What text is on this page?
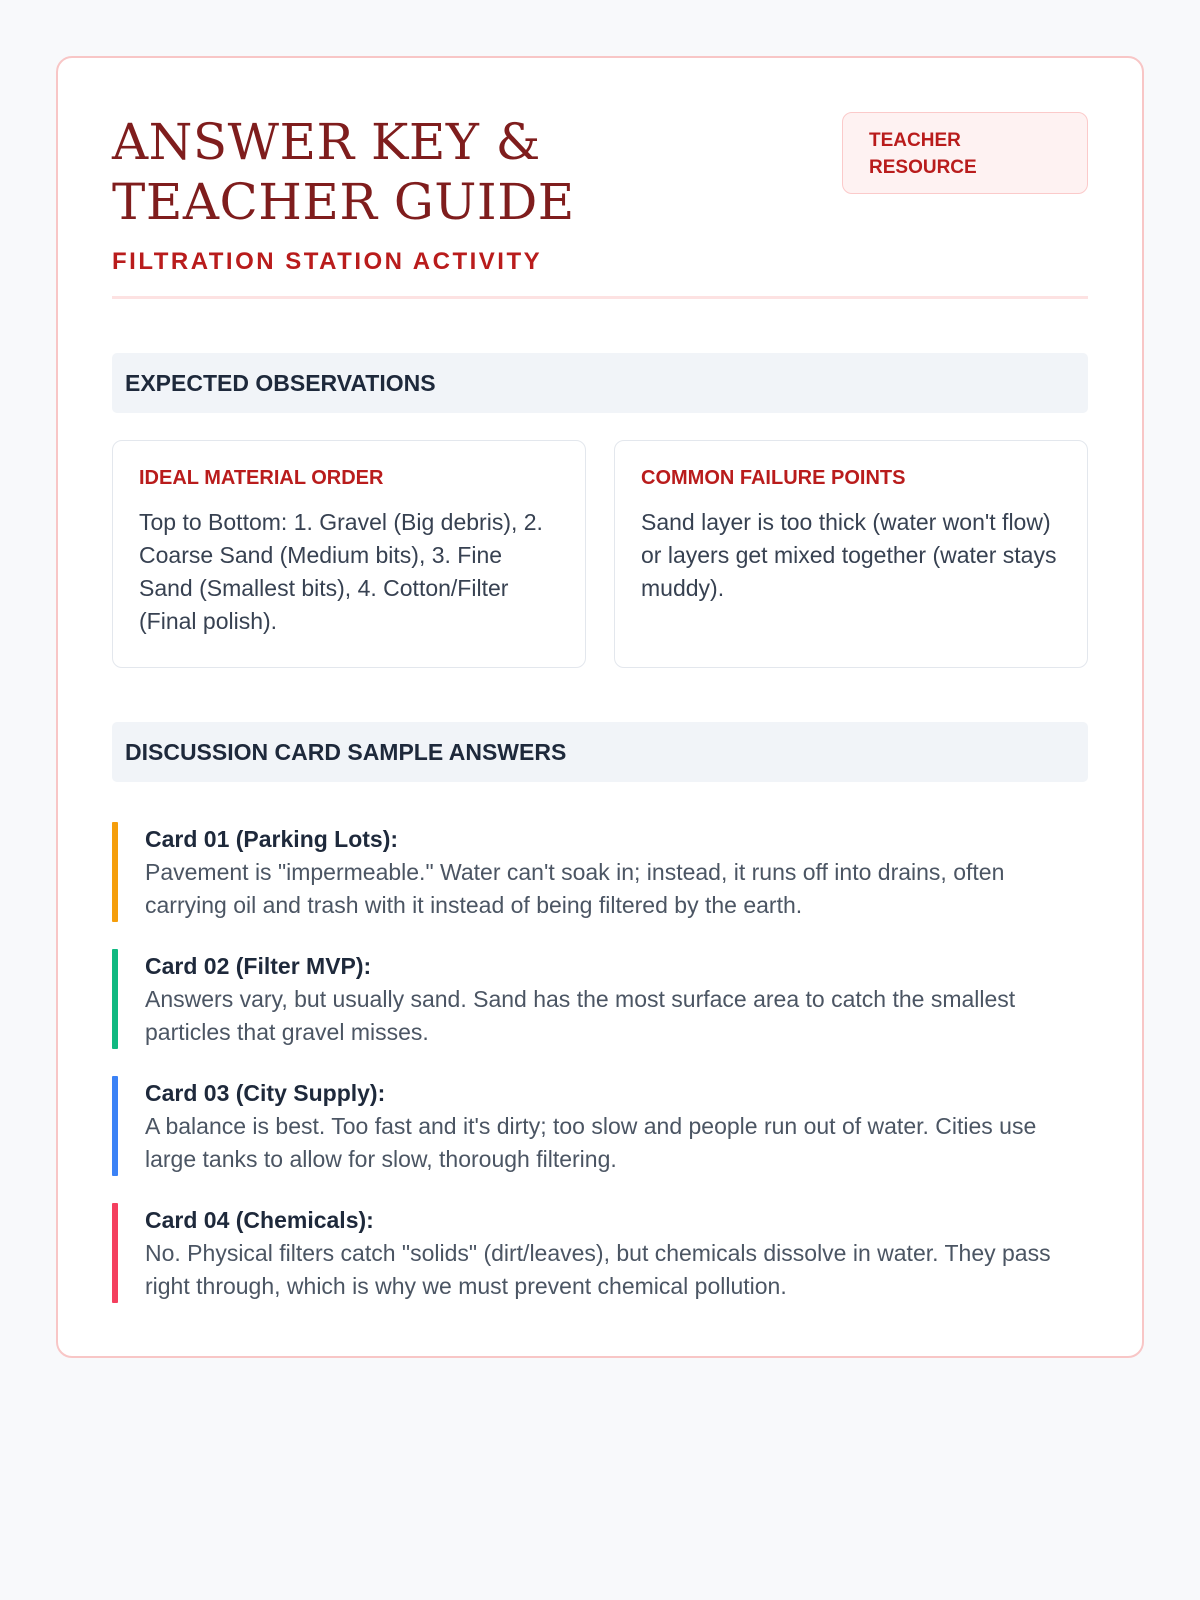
ANSWER KEY & TEACHER GUIDE
FILTRATION STATION ACTIVITY
TEACHER RESOURCE
EXPECTED OBSERVATIONS
IDEAL MATERIAL ORDER
Top to Bottom: 1. Gravel (Big debris), 2. Coarse Sand (Medium bits), 3. Fine Sand (Smallest bits), 4. Cotton/Filter (Final polish).
COMMON FAILURE POINTS
Sand layer is too thick (water won't flow) or layers get mixed together (water stays muddy).
DISCUSSION CARD SAMPLE ANSWERS
Card 01 (Parking Lots):
Pavement is "impermeable." Water can't soak in; instead, it runs off into drains, often carrying oil and trash with it instead of being filtered by the earth.
Card 02 (Filter MVP):
Answers vary, but usually sand. Sand has the most surface area to catch the smallest particles that gravel misses.
Card 03 (City Supply):
A balance is best. Too fast and it's dirty; too slow and people run out of water. Cities use large tanks to allow for slow, thorough filtering.
Card 04 (Chemicals):
No. Physical filters catch "solids" (dirt/leaves), but chemicals dissolve in water. They pass right through, which is why we must prevent chemical pollution.
